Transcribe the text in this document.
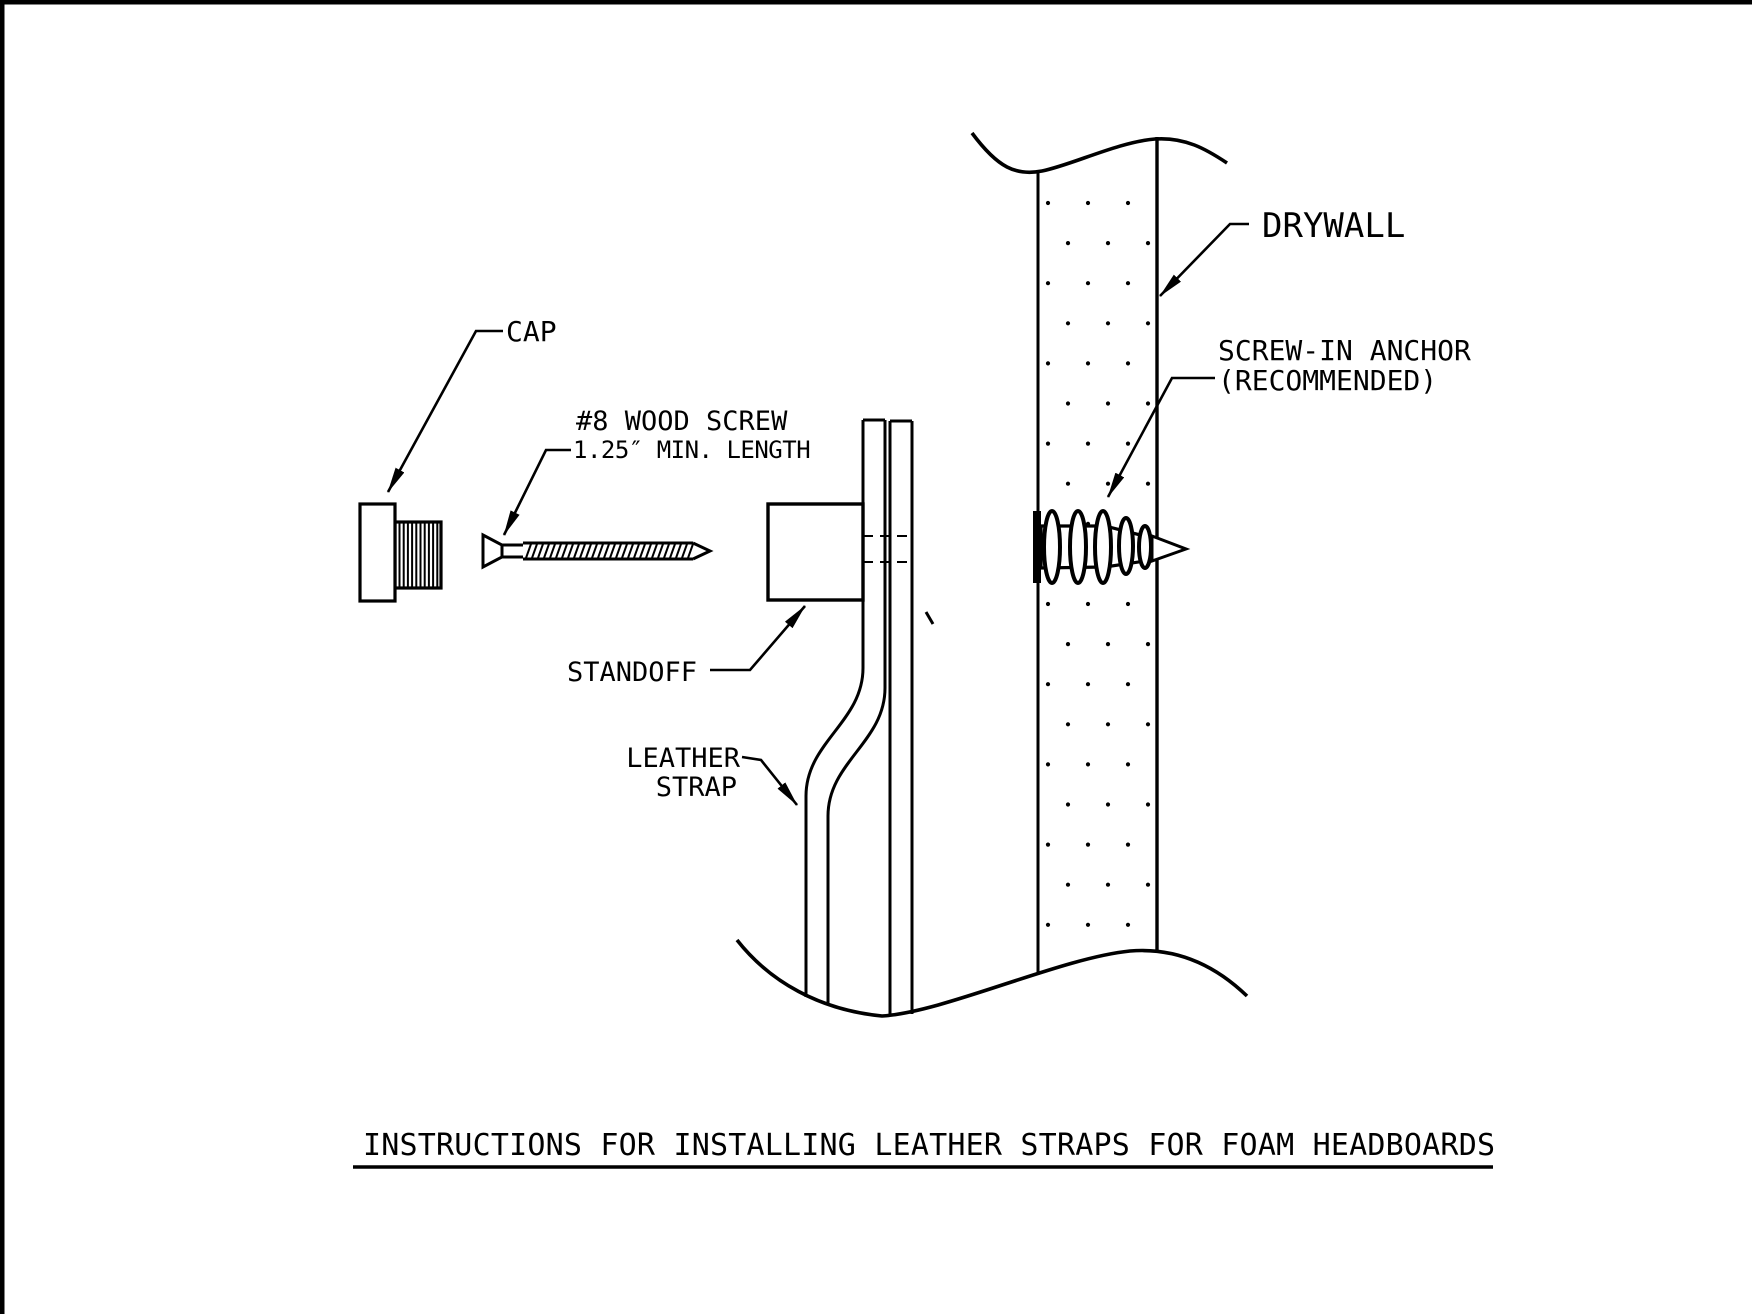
CAP
#8 WOOD SCREW
1.25″ MIN. LENGTH
STANDOFF
LEATHER
STRAP
DRYWALL
SCREW-IN ANCHOR
(RECOMMENDED)
INSTRUCTIONS FOR INSTALLING LEATHER STRAPS FOR FOAM HEADBOARDS
